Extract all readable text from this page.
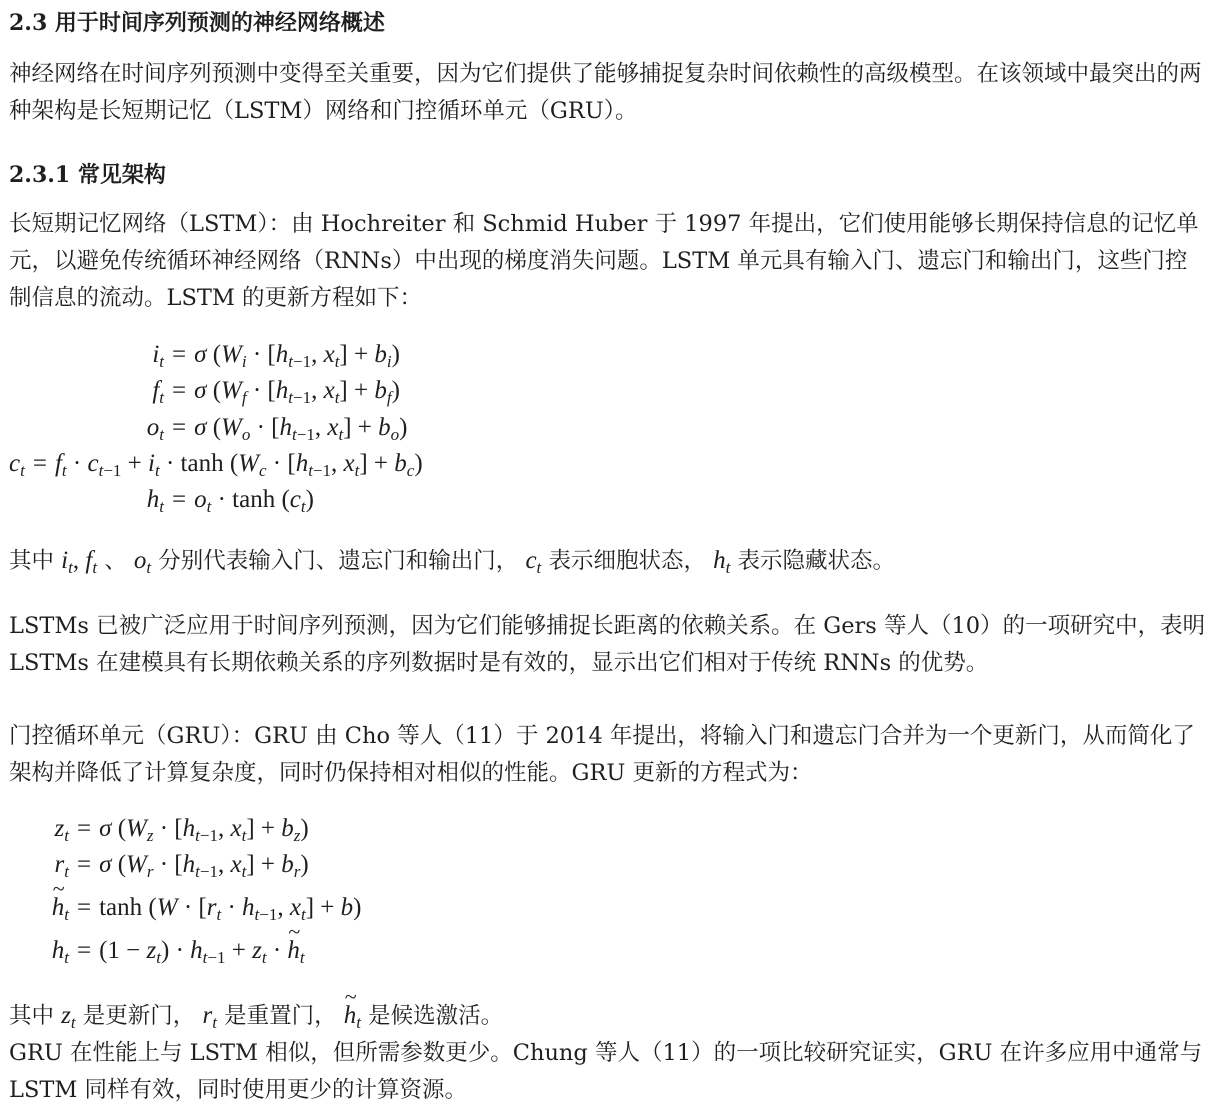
2.3 用于时间序列预测的神经网络概述

神经网络在时间序列预测中变得至关重要，因为它们提供了能够捕捉复杂时间依赖性的高级模型。在该领域中最突出的两种架构是长短期记忆（LSTM）网络和门控循环单元（GRU）。

2.3.1 常见架构

长短期记忆网络（LSTM）：由 Hochreiter 和 Schmid Huber 于 1997 年提出，它们使用能够长期保持信息的记忆单元，以避免传统循环神经网络（RNNs）中出现的梯度消失问题。LSTM 单元具有输入门、遗忘门和输出门，这些门控制信息的流动。LSTM 的更新方程如下：

$i_t = \sigma$ ($W_i \cdot [h_{t-1}$, $x_t] + b_i$)
$f_t = \sigma$ ($W_f \cdot [h_{t-1}$, $x_t] + b_f$)
$o_t = \sigma$ ($W_o \cdot [h_{t-1}$, $x_t] + b_o$)
$c_t = f_t \cdot c_{t-1} + i_t \cdot \tanh (W_c \cdot [h_{t-1}$, $x_t] + b_c$)
$h_t = o_t \cdot \tanh (c_t)$

其中 $i_t$, $f_t$ 、 $o_t$ 分别代表输入门、遗忘门和输出门， $c_t$ 表示细胞状态， $h_t$ 表示隐藏状态。

LSTMs 已被广泛应用于时间序列预测，因为它们能够捕捉长距离的依赖关系。在 Gers 等人（10）的一项研究中，表明 LSTMs 在建模具有长期依赖关系的序列数据时是有效的，显示出它们相对于传统 RNNs 的优势。

门控循环单元（GRU）：GRU 由 Cho 等人（11）于 2014 年提出，将输入门和遗忘门合并为一个更新门，从而简化了架构并降低了计算复杂度，同时仍保持相对相似的性能。GRU 更新的方程式为：

$z_t = \sigma$ ($W_z \cdot [h_{t-1}$, $x_t] + b_z$)
$r_t = \sigma$ ($W_r \cdot [h_{t-1}$, $x_t] + b_r$)
~ $h_t = \tanh (W \cdot [r_t \cdot h_{t-1}$, $x_t] + b$)
$h_t = (1 - z_t) \cdot h_{t-1} + z_t$ · ~ $h_t$

其中 $z_t$ 是更新门， $r_t$ 是重置门， ~ $h_t$ 是候选激活。

GRU 在性能上与 LSTM 相似，但所需参数更少。Chung 等人（11）的一项比较研究证实，GRU 在许多应用中通常与 LSTM 同样有效，同时使用更少的计算资源。
